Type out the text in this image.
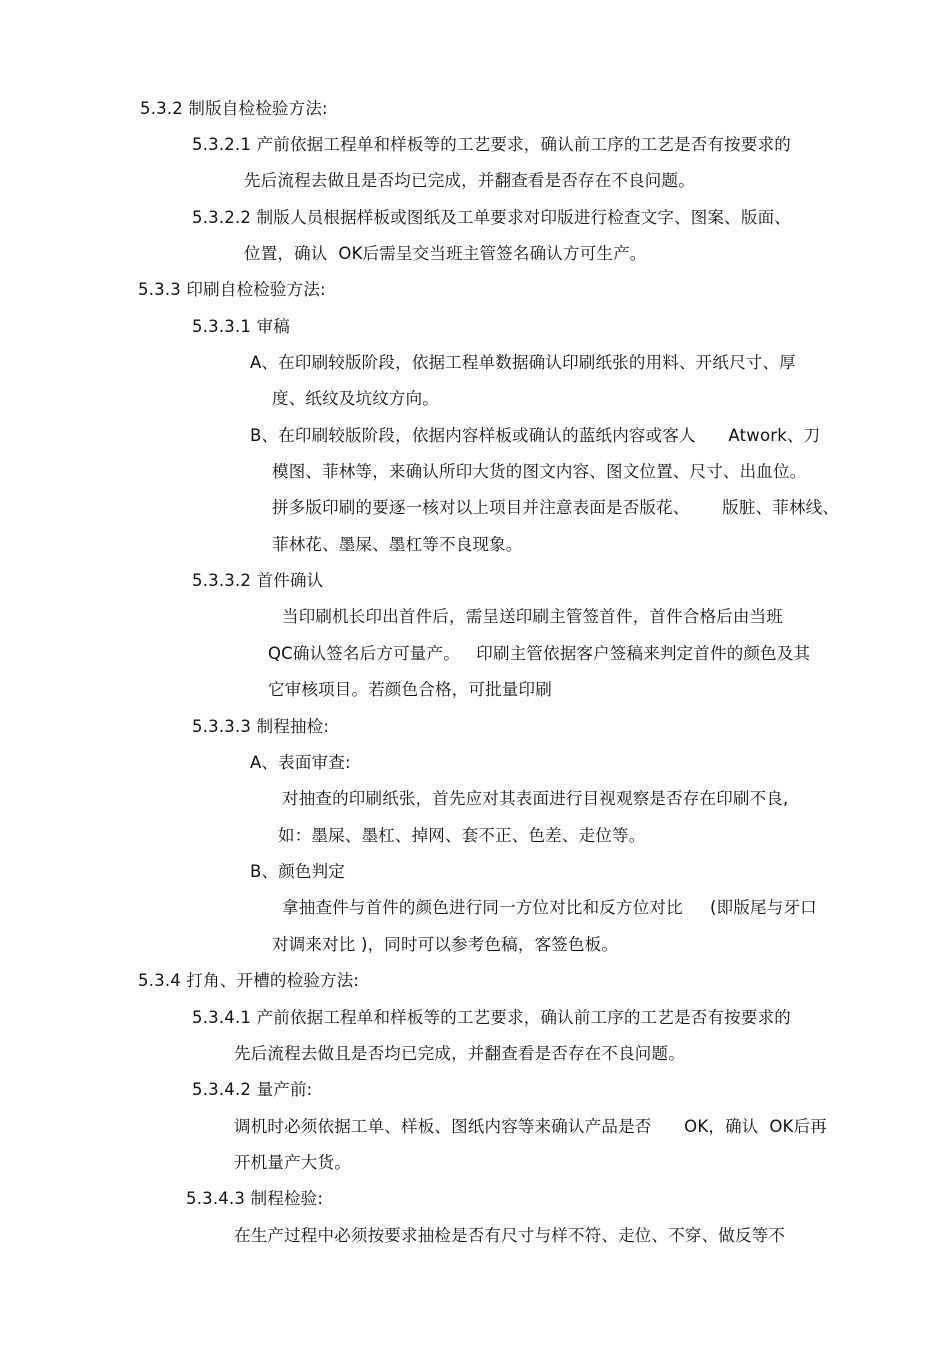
5.3.2 制版自检检验方法:

5.3.2.1 产前依据工程单和样板等的工艺要求，确认前工序的工艺是否有按要求的

先后流程去做且是否均已完成，并翻查看是否存在不良问题。

5.3.2.2 制版人员根据样板或图纸及工单要求对印版进行检查文字、图案、版面、

位置，确认  OK后需呈交当班主管签名确认方可生产。

5.3.3 印刷自检检验方法:

5.3.3.1 审稿

A、在印刷较版阶段，依据工程单数据确认印刷纸张的用料、开纸尺寸、厚

度、纸纹及坑纹方向。

B、在印刷较版阶段，依据内容样板或确认的蓝纸内容或客人      Atwork、刀

模图、菲林等，来确认所印大货的图文内容、图文位置、尺寸、出血位。

拼多版印刷的要逐一核对以上项目并注意表面是否版花、      版脏、菲林线、

菲林花、墨屎、墨杠等不良现象。

5.3.3.2 首件确认

当印刷机长印出首件后，需呈送印刷主管签首件，首件合格后由当班

QC确认签名后方可量产。   印刷主管依据客户签稿来判定首件的颜色及其

它审核项目。若颜色合格，可批量印刷

5.3.3.3 制程抽检:

A、表面审查:

对抽查的印刷纸张，首先应对其表面进行目视观察是否存在印刷不良,

如：墨屎、墨杠、掉网、套不正、色差、走位等。

B、颜色判定

拿抽查件与首件的颜色进行同一方位对比和反方位对比     (即版尾与牙口

对调来对比 )，同时可以参考色稿，客签色板。

5.3.4 打角、开槽的检验方法:

5.3.4.1 产前依据工程单和样板等的工艺要求，确认前工序的工艺是否有按要求的

先后流程去做且是否均已完成，并翻查看是否存在不良问题。

5.3.4.2 量产前:

调机时必须依据工单、样板、图纸内容等来确认产品是否      OK，确认  OK后再

开机量产大货。

5.3.4.3 制程检验:

在生产过程中必须按要求抽检是否有尺寸与样不符、走位、不穿、做反等不
